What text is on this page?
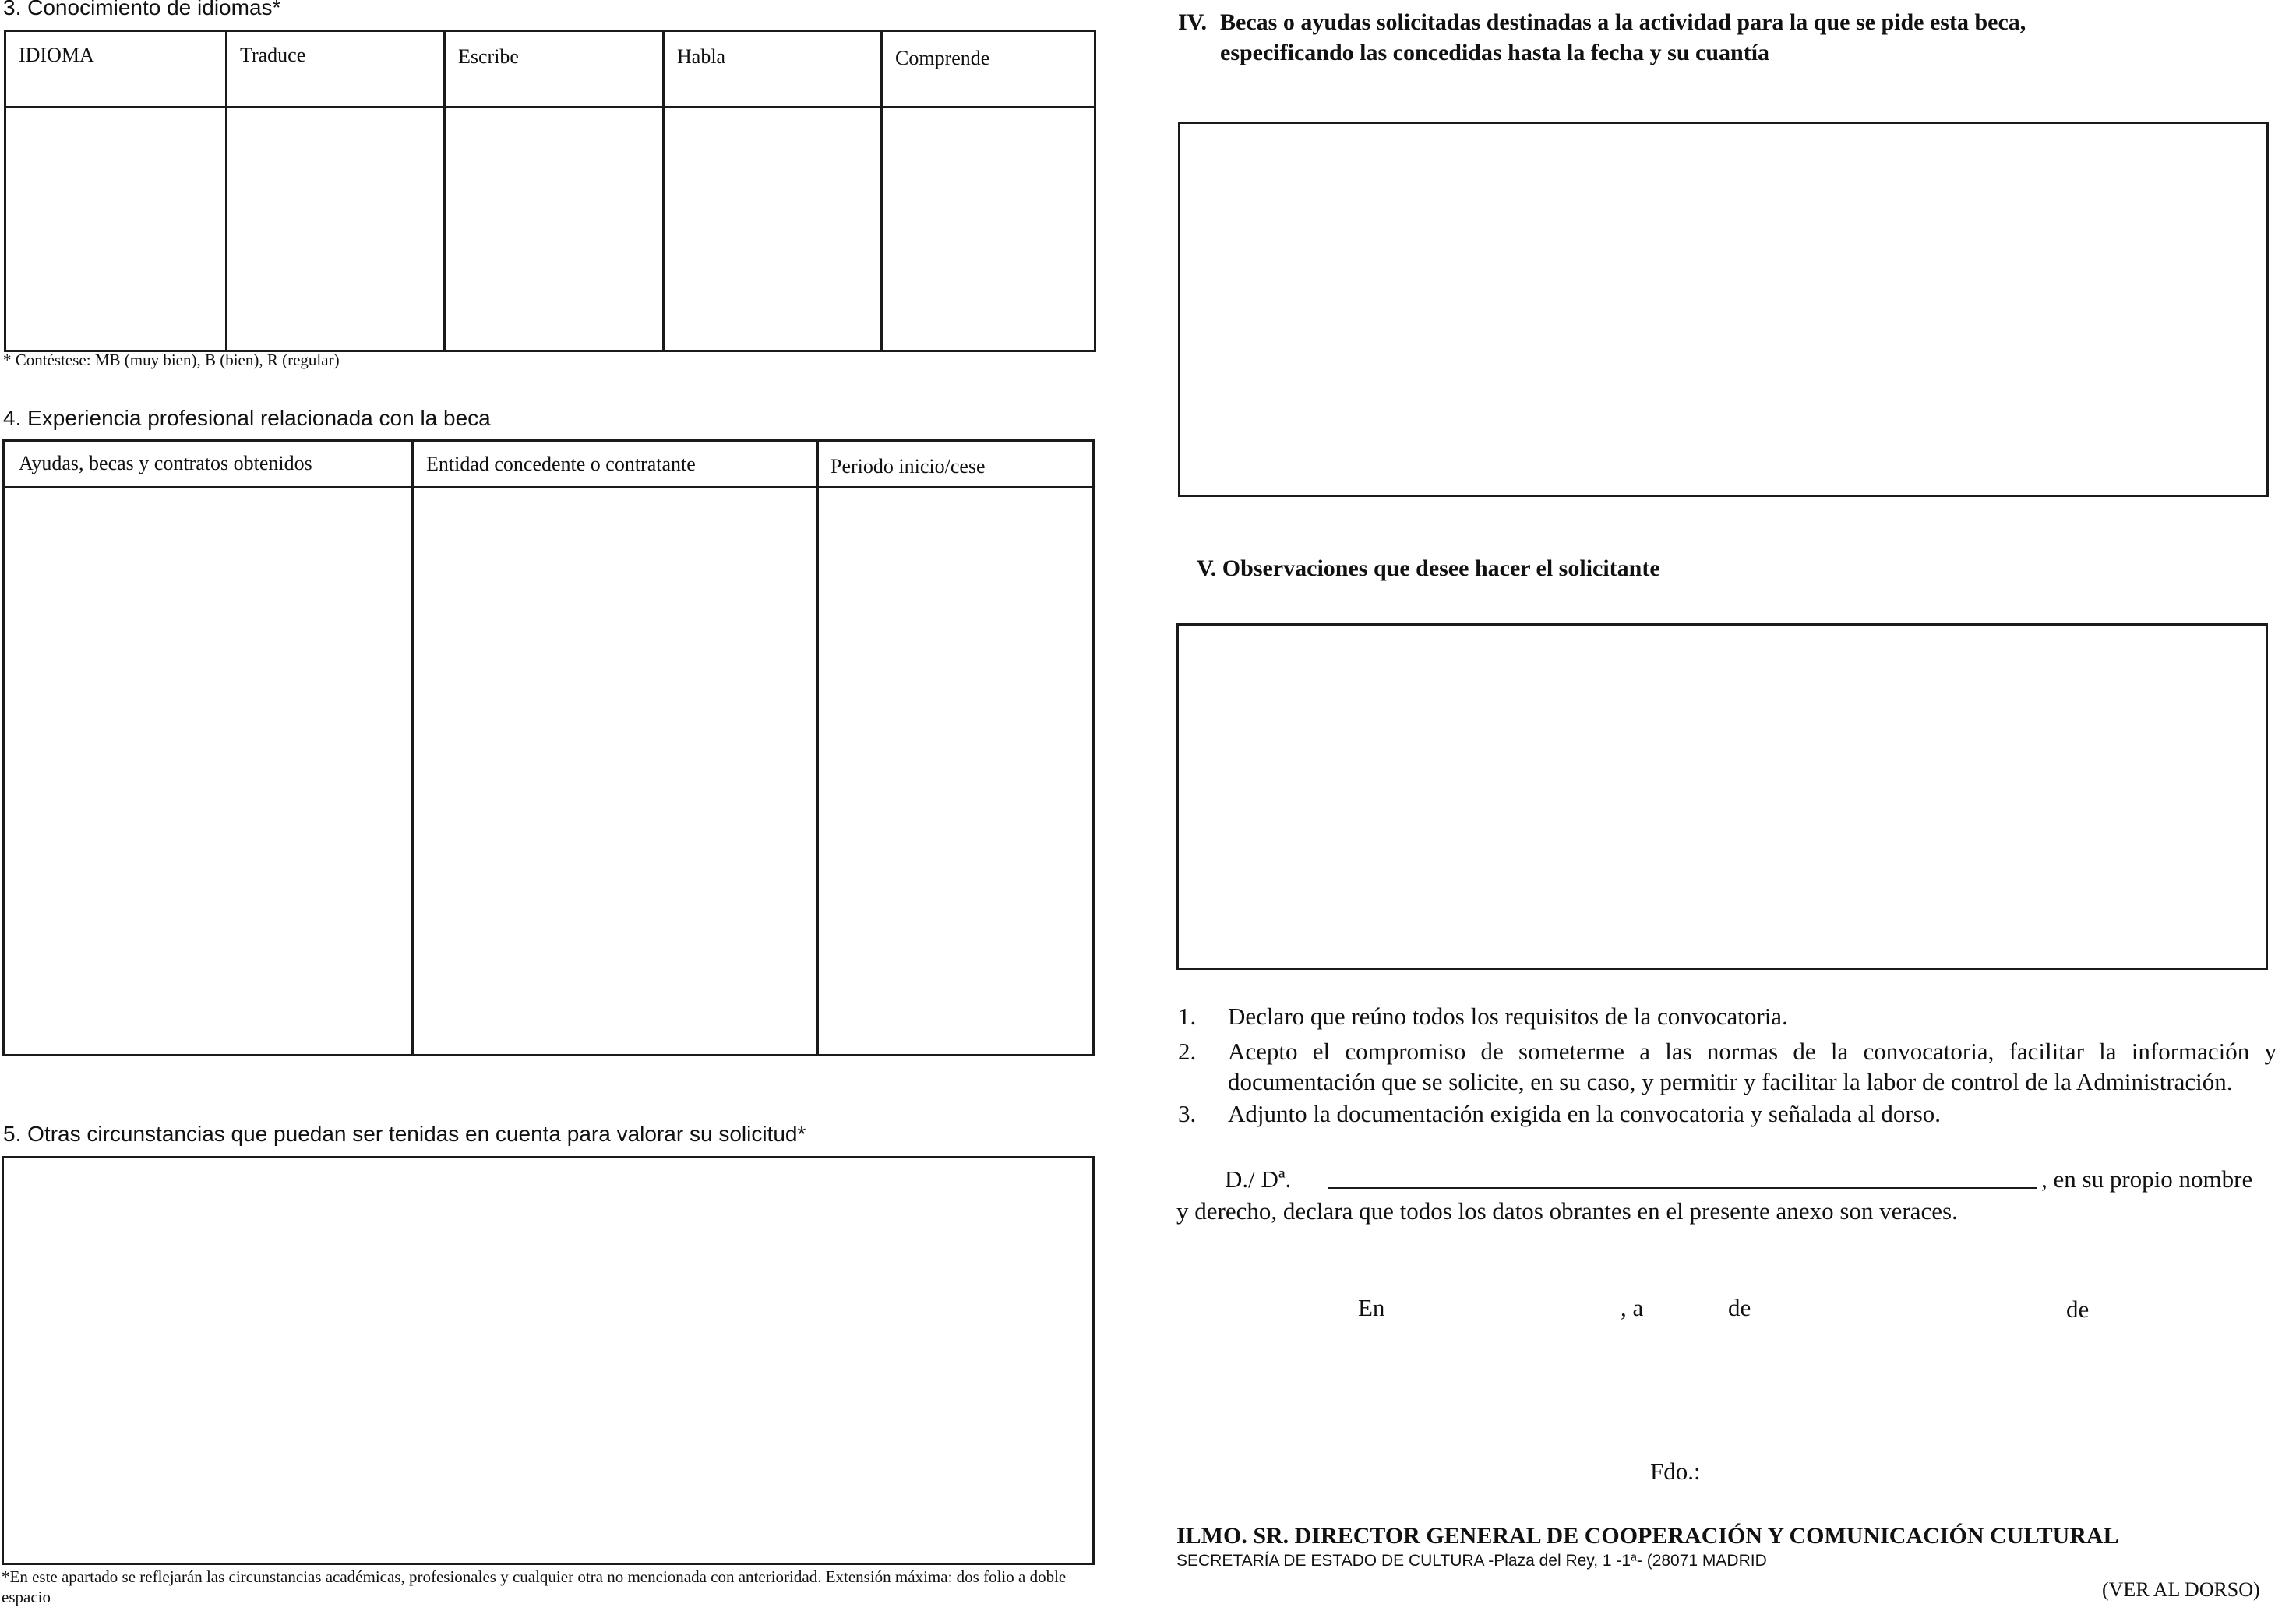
3. Conocimiento de idiomas*
IDIOMA	Traduce	Escribe	Habla	Comprende
* Contéstese: MB (muy bien), B (bien), R (regular)
4. Experiencia profesional relacionada con la beca
Ayudas, becas y contratos obtenidos	Entidad concedente o contratante	Periodo inicio/cese
5. Otras circunstancias que puedan ser tenidas en cuenta para valorar su solicitud*
*En este apartado se reflejarán las circunstancias académicas, profesionales y cualquier otra no mencionada con anterioridad. Extensión máxima: dos folio a doble espacio
IV. Becas o ayudas solicitadas destinadas a la actividad para la que se pide esta beca,
especificando las concedidas hasta la fecha y su cuantía
V. Observaciones que desee hacer el solicitante
1. Declaro que reúno todos los requisitos de la convocatoria.
2.	Acepto el compromiso de someterme a las normas de la convocatoria, facilitar la información y documentación que se solicite, en su caso, y permitir y facilitar la labor de control de la Administración.
3. Adjunto la documentación exigida en la convocatoria y señalada al dorso.
D./ Dª.	, en su propio nombre
y derecho, declara que todos los datos obrantes en el presente anexo son veraces.
En	, a	de	de
Fdo.:
ILMO. SR. DIRECTOR GENERAL DE COOPERACIÓN Y COMUNICACIÓN CULTURAL
SECRETARÍA DE ESTADO DE CULTURA -Plaza del Rey, 1 -1ª- (28071 MADRID
(VER AL DORSO)
